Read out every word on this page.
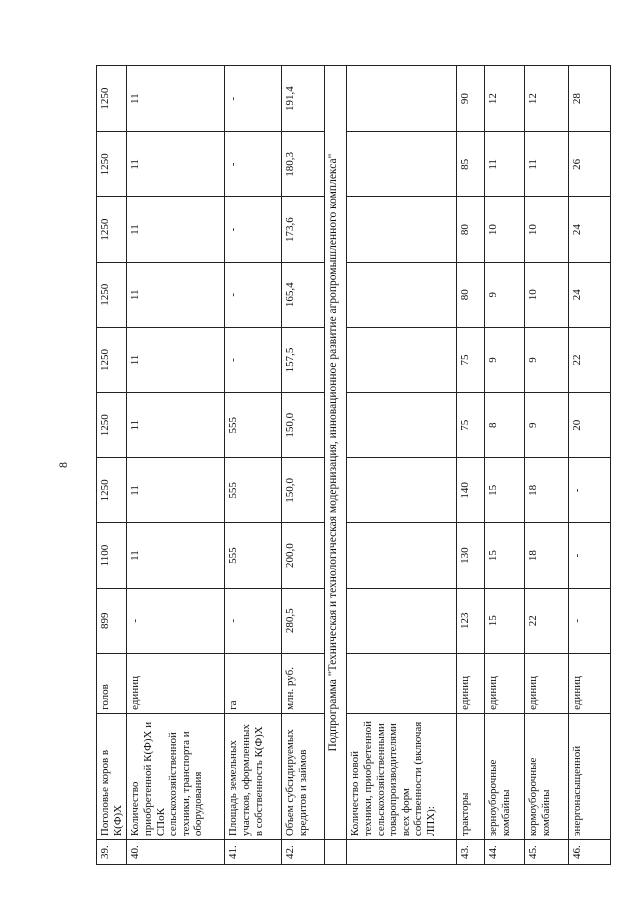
8
39.	Поголовье коров в К(Ф)Х	голов	899	1100	1250	1250	1250	1250	1250	1250	1250
40.	Количество приобретенной К(Ф)Х и СПоК сельскохозяйственной техники, транспорта и оборудования	единиц	-	11	11	11	11	11	11	11	11
41.	Площадь земельных участков, оформленных в собственность К(Ф)Х	га	-	555	555	555	-	-	-	-	-
42.	Объем субсидируемых кредитов и займов	млн. руб.	280,5	200,0	150,0	150,0	157,5	165,4	173,6	180,3	191,4
	Подпрограмма "Техническая и технологическая модернизация, инновационное развитие агропромышленного комплекса"										
	Количество новой техники, приобретенной сельскохозяйственными товаропроизводителями всех форм собственности (включая ЛПХ):										
43.	тракторы	единиц	123	130	140	75	75	80	80	85	90
44.	зерноуборочные комбайны	единиц	15	15	15	8	9	9	10	11	12
45.	кормоуборочные комбайны	единиц	22	18	18	9	9	10	10	11	12
46.	энергонасыщенной	единиц	-	-	-	20	22	24	24	26	28
